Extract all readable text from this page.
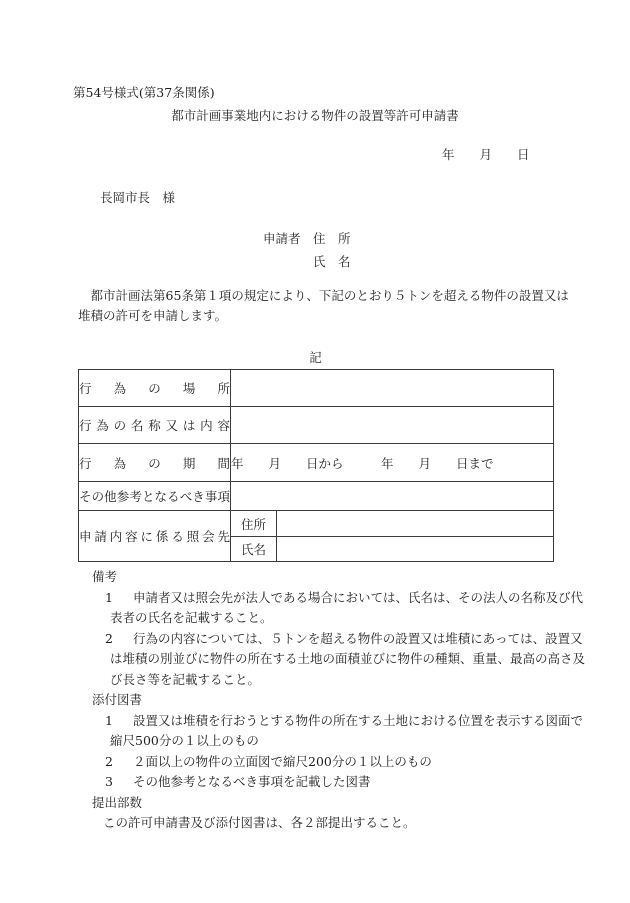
第54号様式(第37条関係)
都市計画事業地内における物件の設置等許可申請書
年　　月　　日
長岡市長　様
申請者　住　所
氏　名
　都市計画法第65条第１項の規定により、下記のとおり５トンを超える物件の設置又は
堆積の許可を申請します。
記
行為の場所		
行為の名称又は内容		
行為の期間	年　　月　　日から　　　年　　月　　日まで	
その他参考となるべき事項		
申請内容に係る照会先	住所	
	氏名	
備考
1 申請者又は照会先が法人である場合においては、氏名は、その法人の名称及び代
表者の氏名を記載すること。
2 行為の内容については、５トンを超える物件の設置又は堆積にあっては、設置又
は堆積の別並びに物件の所在する土地の面積並びに物件の種類、重量、最高の高さ及
び長さ等を記載すること。
添付図書
1 設置又は堆積を行おうとする物件の所在する土地における位置を表示する図面で
縮尺500分の１以上のもの
2 ２面以上の物件の立面図で縮尺200分の１以上のもの
3 その他参考となるべき事項を記載した図書
提出部数
この許可申請書及び添付図書は、各２部提出すること。
